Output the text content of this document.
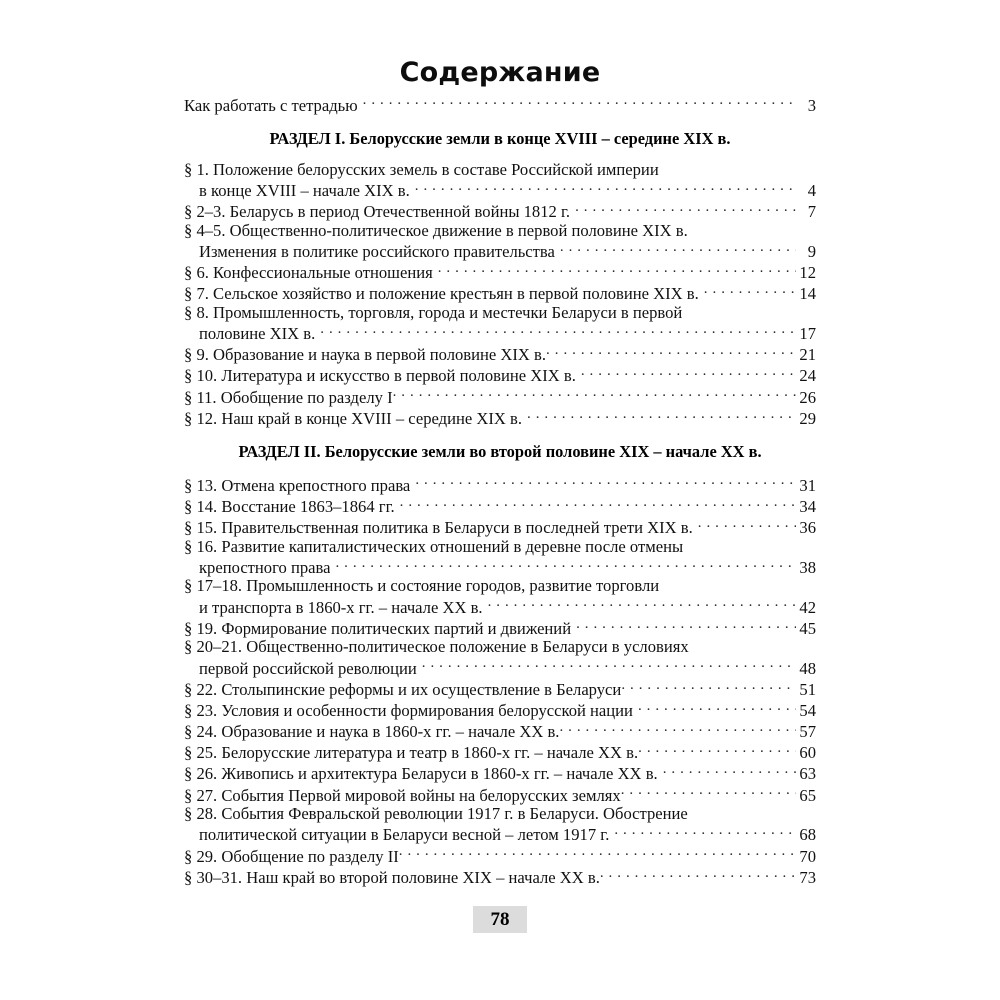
Содержание
Как работать с тетрадью . . .	3
РАЗДЕЛ I. Белорусские земли в конце XVIII – середине XIX в.
§ 1. Положение белорусских земель в составе Российской империи
в конце XVIII – начале XIX в. . . .	4
§ 2–3. Беларусь в период Отечественной войны 1812 г. . . .	7
§ 4–5. Общественно-политическое движение в первой половине XIX в.
Изменения в политике российского правительства . . .	9
§ 6. Конфессиональные отношения . . .	12
§ 7. Сельское хозяйство и положение крестьян в первой половине XIX в. . . .	14
§ 8. Промышленность, торговля, города и местечки Беларуси в первой
половине XIX в. . . .	17
§ 9. Образование и наука в первой половине XIX в. . . .	21
§ 10. Литература и искусство в первой половине XIX в. . . .	24
§ 11. Обобщение по разделу I . . .	26
§ 12. Наш край в конце XVIII – середине XIX в. . . .	29
РАЗДЕЛ II. Белорусские земли во второй половине XIX – начале XX в.
§ 13. Отмена крепостного права . . .	31
§ 14. Восстание 1863–1864 гг. . . .	34
§ 15. Правительственная политика в Беларуси в последней трети XIX в. . . .	36
§ 16. Развитие капиталистических отношений в деревне после отмены
крепостного права . . .	38
§ 17–18. Промышленность и состояние городов, развитие торговли
и транспорта в 1860-х гг. – начале XX в. . . .	42
§ 19. Формирование политических партий и движений . . .	45
§ 20–21. Общественно-политическое положение в Беларуси в условиях
первой российской революции . . .	48
§ 22. Столыпинские реформы и их осуществление в Беларуси . . .	51
§ 23. Условия и особенности формирования белорусской нации . . .	54
§ 24. Образование и наука в 1860-х гг. – начале XX в. . . .	57
§ 25. Белорусские литература и театр в 1860-х гг. – начале XX в. . . .	60
§ 26. Живопись и архитектура Беларуси в 1860-х гг. – начале XX в. . . .	63
§ 27. События Первой мировой войны на белорусских землях . . .	65
§ 28. События Февральской революции 1917 г. в Беларуси. Обострение
политической ситуации в Беларуси весной – летом 1917 г. . . .	68
§ 29. Обобщение по разделу II . . .	70
§ 30–31. Наш край во второй половине XIX – начале XX в. . . .	73
78
